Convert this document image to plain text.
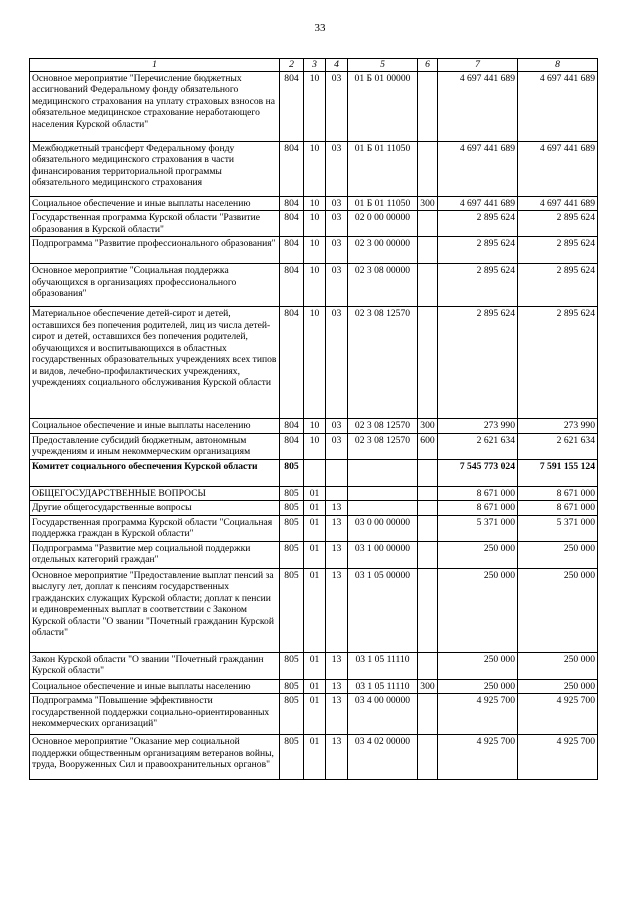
33
1	2	3	4	5	6	7	8
Основное мероприятие "Перечисление бюджетных ассигнований Федеральному фонду обязательного медицинского страхования на уплату страховых взносов на обязательное медицинское страхование неработающего населения Курской области"	804	10	03	01 Б 01 00000		4 697 441 689	4 697 441 689
Межбюджетный трансферт Федеральному фонду обязательного медицинского страхования в части финансирования территориальной программы обязательного медицинского страхования	804	10	03	01 Б 01 11050		4 697 441 689	4 697 441 689
Социальное обеспечение и иные выплаты населению	804	10	03	01 Б 01 11050	300	4 697 441 689	4 697 441 689
Государственная программа Курской области "Развитие образования в Курской области"	804	10	03	02 0 00 00000		2 895 624	2 895 624
Подпрограмма "Развитие профессионального образования"	804	10	03	02 3 00 00000		2 895 624	2 895 624
Основное мероприятие "Социальная поддержка обучающихся в организациях профессионального образования"	804	10	03	02 3 08 00000		2 895 624	2 895 624
Материальное обеспечение детей-сирот и детей, оставшихся без попечения родителей, лиц из числа детей-сирот и детей, оставшихся без попечения родителей, обучающихся и воспитывающихся в областных государственных образовательных учреждениях всех типов и видов, лечебно-профилактических учреждениях, учреждениях социального обслуживания Курской области	804	10	03	02 3 08 12570		2 895 624	2 895 624
Социальное обеспечение и иные выплаты населению	804	10	03	02 3 08 12570	300	273 990	273 990
Предоставление субсидий бюджетным, автономным учреждениям и иным некоммерческим организациям	804	10	03	02 3 08 12570	600	2 621 634	2 621 634
Комитет социального обеспечения Курской области	805					7 545 773 024	7 591 155 124
ОБЩЕГОСУДАРСТВЕННЫЕ ВОПРОСЫ	805	01				8 671 000	8 671 000
Другие общегосударственные вопросы	805	01	13			8 671 000	8 671 000
Государственная программа Курской области "Социальная поддержка граждан в Курской области"	805	01	13	03 0 00 00000		5 371 000	5 371 000
Подпрограмма "Развитие мер социальной поддержки отдельных категорий граждан"	805	01	13	03 1 00 00000		250 000	250 000
Основное мероприятие "Предоставление выплат пенсий за выслугу лет, доплат к пенсиям государственных гражданских служащих Курской области; доплат к пенсии и единовременных выплат в соответствии с Законом Курской области "О звании "Почетный гражданин Курской области"	805	01	13	03 1 05 00000		250 000	250 000
Закон Курской области "О звании "Почетный гражданин Курской области"	805	01	13	03 1 05 11110		250 000	250 000
Социальное обеспечение и иные выплаты населению	805	01	13	03 1 05 11110	300	250 000	250 000
Подпрограмма "Повышение эффективности государственной поддержки социально-ориентированных некоммерческих организаций"	805	01	13	03 4 00 00000		4 925 700	4 925 700
Основное мероприятие "Оказание мер социальной поддержки общественным организациям ветеранов войны, труда, Вооруженных Сил и правоохранительных органов"	805	01	13	03 4 02 00000		4 925 700	4 925 700
